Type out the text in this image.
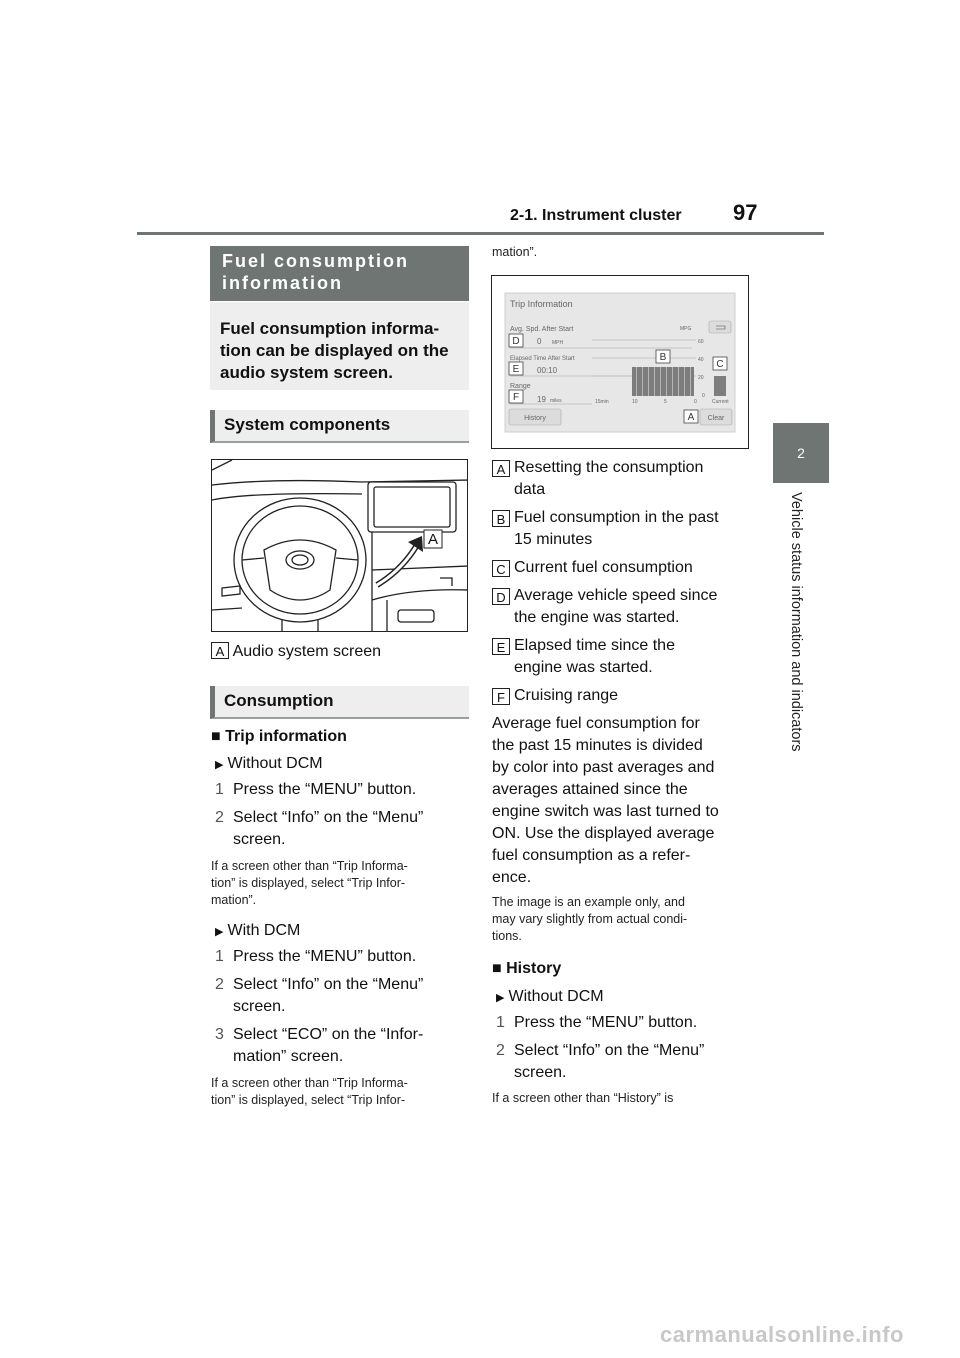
2-1. Instrument cluster 97
2
Vehicle status information and indicators
Fuel consumption
information
Fuel consumption informa-
tion can be displayed on the
audio system screen.
System components
A
A Audio system screen
Consumption
■ Trip information
▶ Without DCM
1 Press the “MENU” button.
2 Select “Info” on the “Menu”
screen.
If a screen other than “Trip Informa-
tion” is displayed, select “Trip Infor-
mation”.
▶ With DCM
1 Press the “MENU” button.
2 Select “Info” on the “Menu”
screen.
3 Select “ECO” on the “Infor-
mation” screen.
If a screen other than “Trip Informa-
tion” is displayed, select “Trip Infor-
mation”.
Trip Information
Avg. Spd. After Start
0 MPH
Elapsed Time After Start
00:10
Range
19 miles
MPG
60
40
20
0
15min	10	5	0	Current
History	Clear
D
E
F
B
C
A
A Resetting the consumption
data
B Fuel consumption in the past
15 minutes
C Current fuel consumption
D Average vehicle speed since
the engine was started.
E Elapsed time since the
engine was started.
F Cruising range
Average fuel consumption for
the past 15 minutes is divided
by color into past averages and
averages attained since the
engine switch was last turned to
ON. Use the displayed average
fuel consumption as a refer-
ence.
The image is an example only, and
may vary slightly from actual condi-
tions.
■ History
▶ Without DCM
1 Press the “MENU” button.
2 Select “Info” on the “Menu”
screen.
If a screen other than “History” is
carmanualsonline.info
